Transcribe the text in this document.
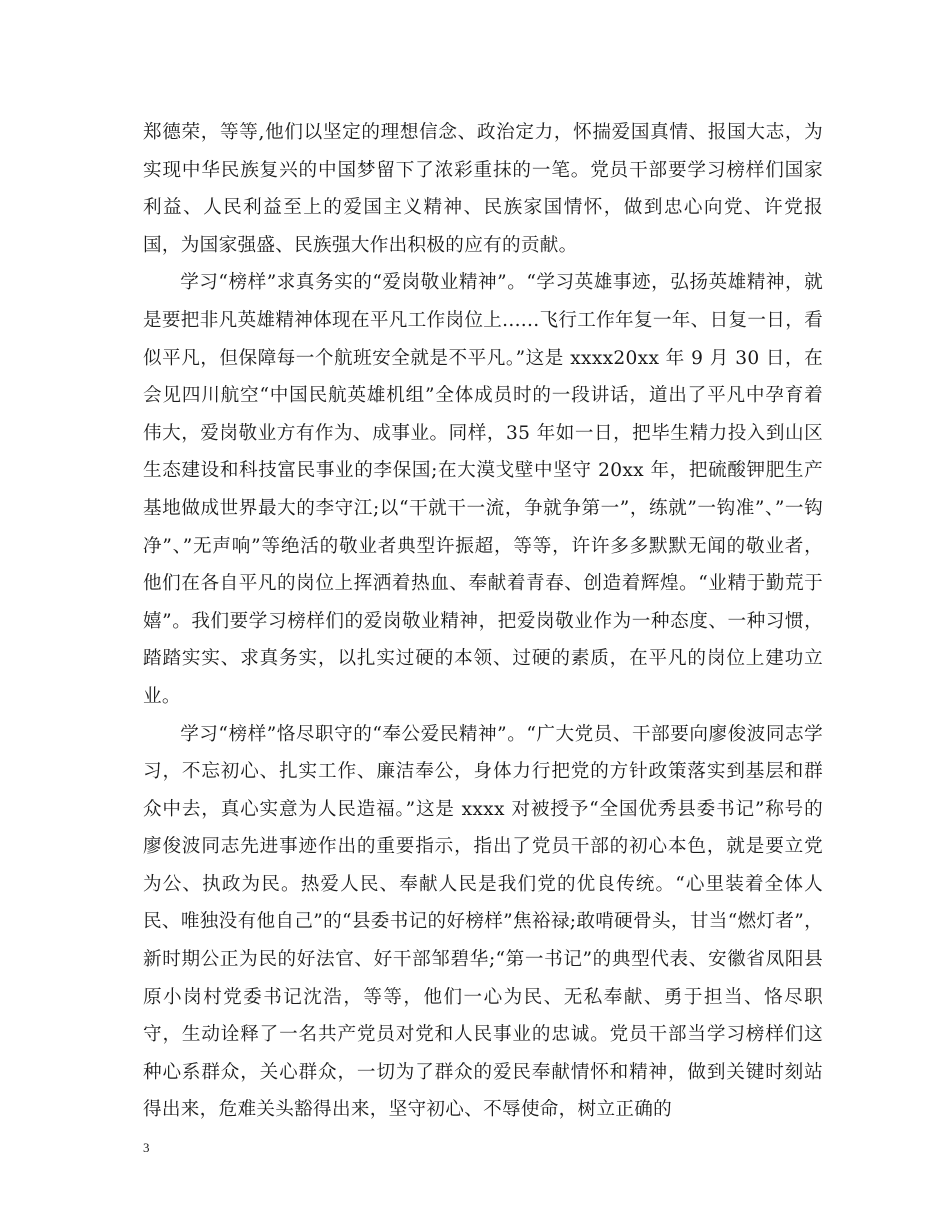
郑德荣，等等,他们以坚定的理想信念、政治定力，怀揣爱国真情、报国大志，为实现中华民族复兴的中国梦留下了浓彩重抹的一笔。党员干部要学习榜样们国家利益、人民利益至上的爱国主义精神、民族家国情怀，做到忠心向党、许党报国，为国家强盛、民族强大作出积极的应有的贡献。

学习“榜样”求真务实的“爱岗敬业精神”。“学习英雄事迹，弘扬英雄精神，就是要把非凡英雄精神体现在平凡工作岗位上......飞行工作年复一年、日复一日，看似平凡，但保障每一个航班安全就是不平凡。”这是 xxxx20xx 年 9 月 30 日，在会见四川航空“中国民航英雄机组”全体成员时的一段讲话，道出了平凡中孕育着伟大，爱岗敬业方有作为、成事业。同样，35 年如一日，把毕生精力投入到山区生态建设和科技富民事业的李保国;在大漠戈壁中坚守 20xx 年，把硫酸钾肥生产基地做成世界最大的李守江;以“干就干一流，争就争第一”，练就”一钩准”、”一钩净”、”无声响”等绝活的敬业者典型许振超，等等，许许多多默默无闻的敬业者，他们在各自平凡的岗位上挥洒着热血、奉献着青春、创造着辉煌。“业精于勤荒于嬉”。我们要学习榜样们的爱岗敬业精神，把爱岗敬业作为一种态度、一种习惯，踏踏实实、求真务实，以扎实过硬的本领、过硬的素质，在平凡的岗位上建功立业。

学习“榜样”恪尽职守的“奉公爱民精神”。“广大党员、干部要向廖俊波同志学习，不忘初心、扎实工作、廉洁奉公，身体力行把党的方针政策落实到基层和群众中去，真心实意为人民造福。”这是 xxxx 对被授予“全国优秀县委书记”称号的廖俊波同志先进事迹作出的重要指示，指出了党员干部的初心本色，就是要立党为公、执政为民。热爱人民、奉献人民是我们党的优良传统。“心里装着全体人民、唯独没有他自己”的“县委书记的好榜样”焦裕禄;敢啃硬骨头，甘当“燃灯者”，新时期公正为民的好法官、好干部邹碧华;“第一书记”的典型代表、安徽省凤阳县原小岗村党委书记沈浩，等等，他们一心为民、无私奉献、勇于担当、恪尽职守，生动诠释了一名共产党员对党和人民事业的忠诚。党员干部当学习榜样们这种心系群众，关心群众，一切为了群众的爱民奉献情怀和精神，做到关键时刻站得出来，危难关头豁得出来，坚守初心、不辱使命，树立正确的

3
